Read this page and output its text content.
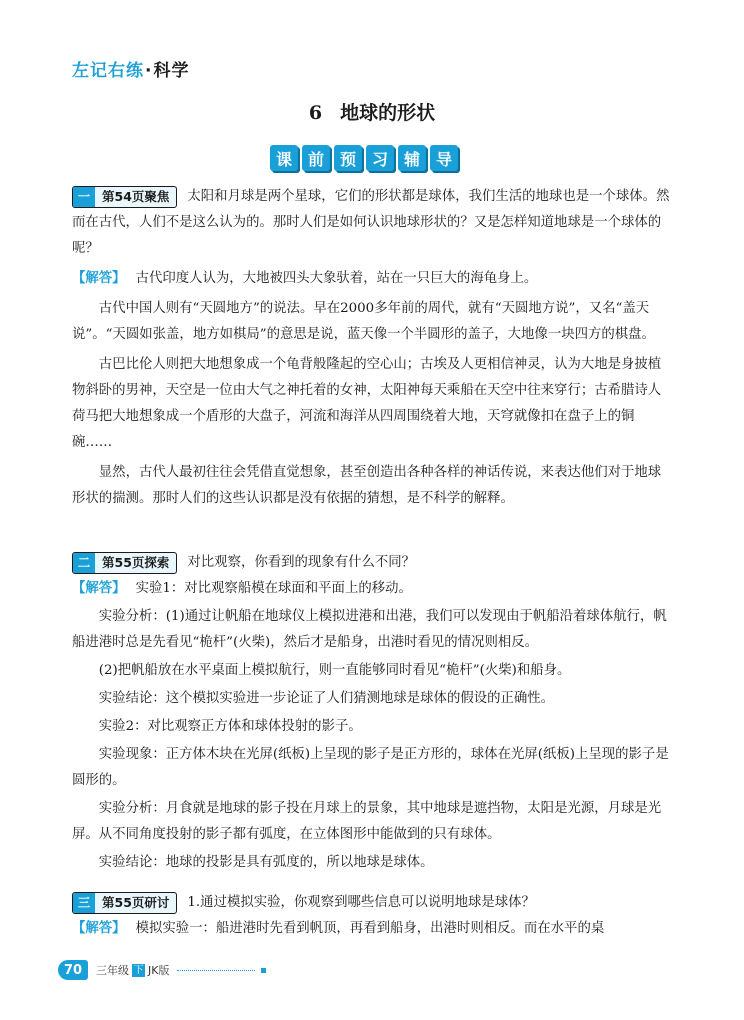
左记右练·科学
6 地球的形状
课 前 预 习 辅 导

一 第54页聚焦	太阳和月球是两个星球，它们的形状都是球体，我们生活的地球也是一个球体。然而在古代，人们不是这么认为的。那时人们是如何认识地球形状的？又是怎样知道地球是一个球体的呢？

【解答】 古代印度人认为，大地被四头大象驮着，站在一只巨大的海龟身上。

古代中国人则有“天圆地方”的说法。早在2000多年前的周代，就有“天圆地方说”，又名“盖天说”。“天圆如张盖，地方如棋局”的意思是说，蓝天像一个半圆形的盖子，大地像一块四方的棋盘。

古巴比伦人则把大地想象成一个龟背般隆起的空心山；古埃及人更相信神灵，认为大地是身披植物斜卧的男神，天空是一位由大气之神托着的女神，太阳神每天乘船在天空中往来穿行；古希腊诗人荷马把大地想象成一个盾形的大盘子，河流和海洋从四周围绕着大地，天穹就像扣在盘子上的铜碗……

显然，古代人最初往往会凭借直觉想象，甚至创造出各种各样的神话传说，来表达他们对于地球形状的揣测。那时人们的这些认识都是没有依据的猜想，是不科学的解释。

二 第55页探索	对比观察，你看到的现象有什么不同？

【解答】 实验1：对比观察船模在球面和平面上的移动。

实验分析：(1)通过让帆船在地球仪上模拟进港和出港，我们可以发现由于帆船沿着球体航行，帆船进港时总是先看见“桅杆”(火柴)，然后才是船身，出港时看见的情况则相反。

(2)把帆船放在水平桌面上模拟航行，则一直能够同时看见“桅杆”(火柴)和船身。

实验结论：这个模拟实验进一步论证了人们猜测地球是球体的假设的正确性。

实验2：对比观察正方体和球体投射的影子。

实验现象：正方体木块在光屏(纸板)上呈现的影子是正方形的，球体在光屏(纸板)上呈现的影子是圆形的。

实验分析：月食就是地球的影子投在月球上的景象，其中地球是遮挡物，太阳是光源，月球是光屏。从不同角度投射的影子都有弧度，在立体图形中能做到的只有球体。

实验结论：地球的投影是具有弧度的，所以地球是球体。

三 第55页研讨	1.通过模拟实验，你观察到哪些信息可以说明地球是球体？

【解答】 模拟实验一：船进港时先看到帆顶，再看到船身，出港时则相反。而在水平的桌

70	三年级 下 JK版
